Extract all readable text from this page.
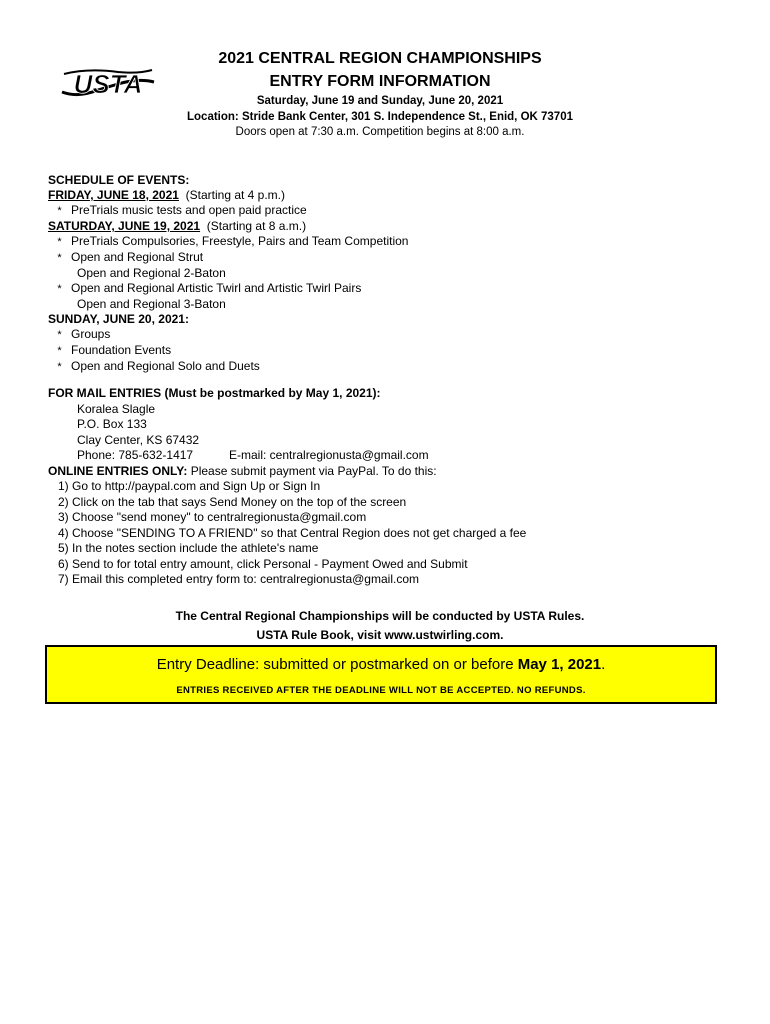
USTA
2021 CENTRAL REGION CHAMPIONSHIPS
ENTRY FORM INFORMATION
Saturday, June 19 and Sunday, June 20, 2021
Location: Stride Bank Center, 301 S. Independence St., Enid, OK 73701
Doors open at 7:30 a.m. Competition begins at 8:00 a.m.
SCHEDULE OF EVENTS:
FRIDAY, JUNE 18, 2021 (Starting at 4 p.m.)
* PreTrials music tests and open paid practice
SATURDAY, JUNE 19, 2021 (Starting at 8 a.m.)
* PreTrials Compulsories, Freestyle, Pairs and Team Competition
* Open and Regional Strut
Open and Regional 2-Baton
* Open and Regional Artistic Twirl and Artistic Twirl Pairs
Open and Regional 3-Baton
SUNDAY, JUNE 20, 2021:
* Groups
* Foundation Events
* Open and Regional Solo and Duets
FOR MAIL ENTRIES (Must be postmarked by May 1, 2021):
Koralea Slagle
P.O. Box 133
Clay Center, KS 67432
Phone: 785-632-1417	E-mail: centralregionusta@gmail.com
ONLINE ENTRIES ONLY: Please submit payment via PayPal. To do this:
1) Go to http://paypal.com and Sign Up or Sign In
2) Click on the tab that says Send Money on the top of the screen
3) Choose "send money" to centralregionusta@gmail.com
4) Choose "SENDING TO A FRIEND" so that Central Region does not get charged a fee
5) In the notes section include the athlete's name
6) Send to for total entry amount, click Personal - Payment Owed and Submit
7) Email this completed entry form to: centralregionusta@gmail.com
The Central Regional Championships will be conducted by USTA Rules.
USTA Rule Book, visit www.ustwirling.com.
Entry Deadline: submitted or postmarked on or before May 1, 2021.
ENTRIES RECEIVED AFTER THE DEADLINE WILL NOT BE ACCEPTED. NO REFUNDS.
